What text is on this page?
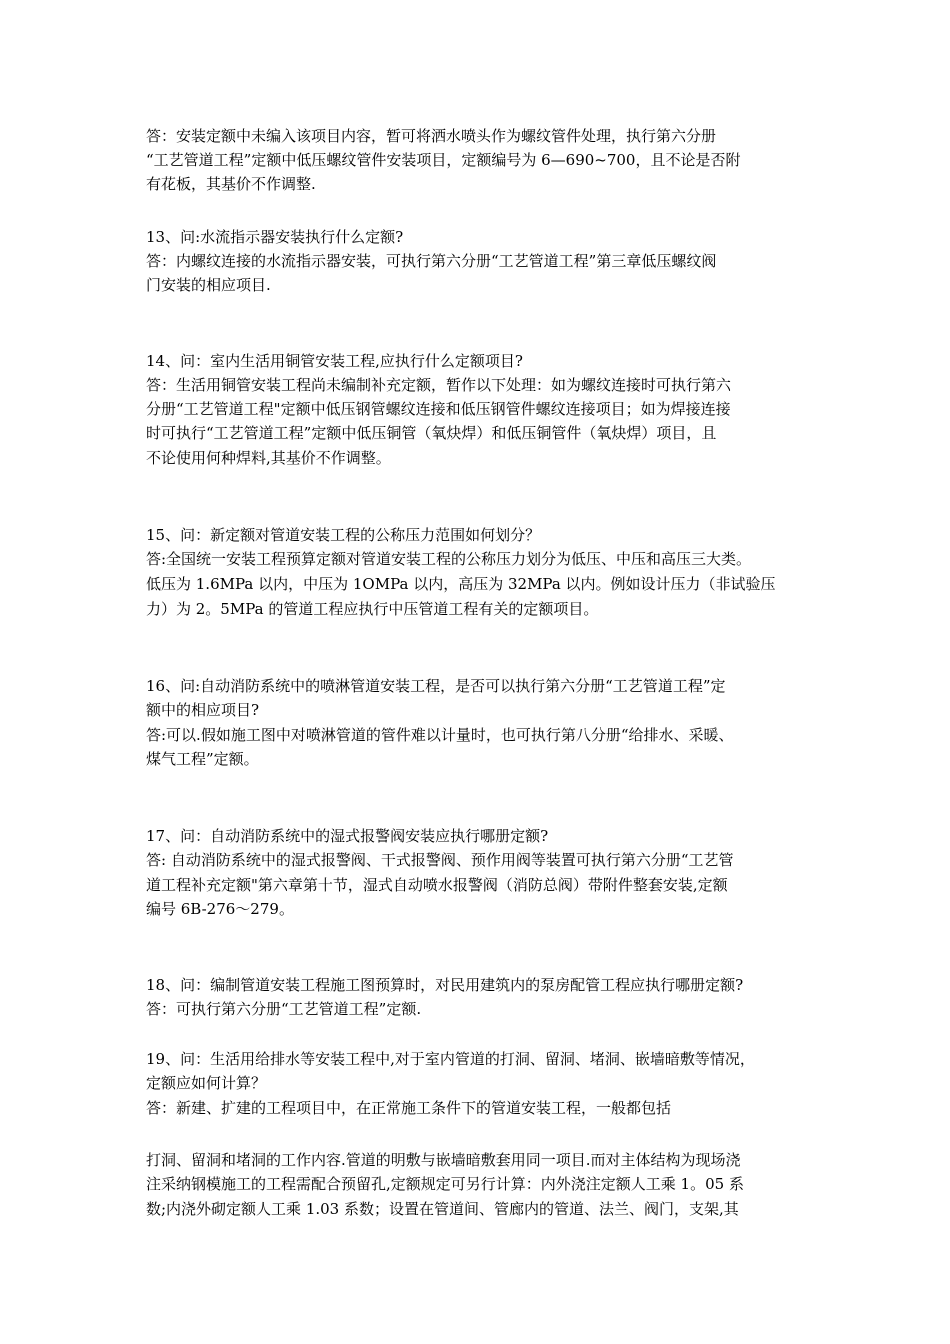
答：安装定额中未编入该项目内容，暂可将洒水喷头作为螺纹管件处理，执行第六分册
“工艺管道工程”定额中低压螺纹管件安装项目，定额编号为 6—690~700，且不论是否附
有花板，其基价不作调整.
13、问:水流指示器安装执行什么定额?
答：内螺纹连接的水流指示器安装，可执行第六分册“工艺管道工程”第三章低压螺纹阀
门安装的相应项目.
14、问：室内生活用铜管安装工程,应执行什么定额项目?
答：生活用铜管安装工程尚未编制补充定额，暂作以下处理：如为螺纹连接时可执行第六
分册“工艺管道工程"定额中低压钢管螺纹连接和低压钢管件螺纹连接项目；如为焊接连接
时可执行“工艺管道工程”定额中低压铜管（氧炔焊）和低压铜管件（氧炔焊）项目，且
不论使用何种焊料,其基价不作调整。
15、问：新定额对管道安装工程的公称压力范围如何划分？
答:全国统一安装工程预算定额对管道安装工程的公称压力划分为低压、中压和高压三大类。
低压为 1.6MPa 以内，中压为 1OMPa 以内，高压为 32MPa 以内。例如设计压力（非试验压
力）为 2。5MPa 的管道工程应执行中压管道工程有关的定额项目。
16、问:自动消防系统中的喷淋管道安装工程，是否可以执行第六分册“工艺管道工程”定
额中的相应项目?
答:可以.假如施工图中对喷淋管道的管件难以计量时，也可执行第八分册“给排水、采暖、
煤气工程”定额。
17、问：自动消防系统中的湿式报警阀安装应执行哪册定额?
答: 自动消防系统中的湿式报警阀、干式报警阀、预作用阀等装置可执行第六分册“工艺管
道工程补充定额"第六章第十节，湿式自动喷水报警阀（消防总阀）带附件整套安装,定额
编号 6B-276～279。
18、问：编制管道安装工程施工图预算时，对民用建筑内的泵房配管工程应执行哪册定额?
答：可执行第六分册“工艺管道工程”定额.
19、问：生活用给排水等安装工程中,对于室内管道的打洞、留洞、堵洞、嵌墙暗敷等情况，
定额应如何计算？
答：新建、扩建的工程项目中，在正常施工条件下的管道安装工程，一般都包括
打洞、留洞和堵洞的工作内容.管道的明敷与嵌墙暗敷套用同一项目.而对主体结构为现场浇
注采纳钢模施工的工程需配合预留孔,定额规定可另行计算：内外浇注定额人工乘 1。05 系
数;内浇外砌定额人工乘 1.03 系数；设置在管道间、管廊内的管道、法兰、阀门，支架,其
